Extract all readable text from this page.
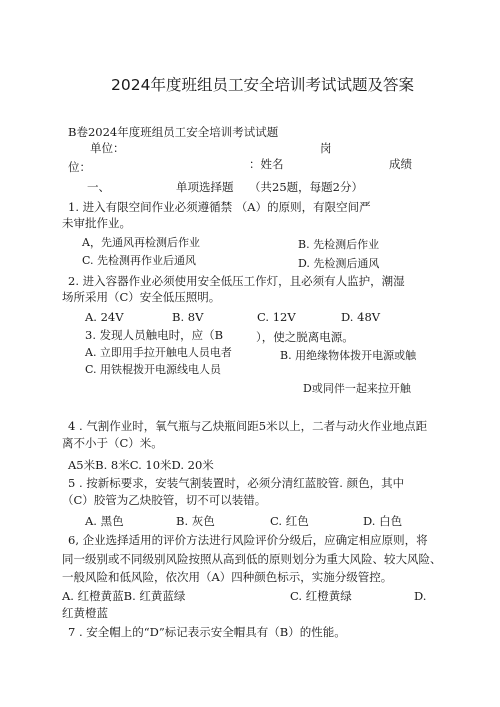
2024年度班组员工安全培训考试试题及答案
B卷2024年度班组员工安全培训考试试题
单位：	岗
位：	：姓名	成绩
一、	单项选择题 （共25题，每题2分）
1. 进入有限空间作业必须遵循禁 （A）的原则，有限空间严
未审批作业。
A，先通风再检测后作业	B. 先检测后作业
C. 先检测再作业后通风	D. 先检测后通风
2. 进入容器作业必须使用安全低压工作灯，且必须有人监护，潮湿
场所采用（C）安全低压照明。
A. 24V	B. 8V	C. 12V	D. 48V
3. 发现人员触电时，应（B	），使之脱离电源。
A. 立即用手拉开触电人员电者	B. 用绝缘物体拨开电源或触
C. 用铁棍拨开电源线电人员
D或同伴一起来拉开触
4 . 气割作业时，氧气瓶与乙炔瓶间距5米以上，二者与动火作业地点距
离不小于（C）米。
A5米B. 8米C. 10米D. 20米
5 . 按新标要求，安装气割装置时，必须分清红蓝胶管. 颜色，其中
（C）胶管为乙炔胶管，切不可以装错。
A. 黑色	B. 灰色	C. 红色	D. 白色
6, 企业选择适用的评价方法进行风险评价分级后，应确定相应原则，将
同一级别或不同级别风险按照从高到低的原则划分为重大风险、较大风险、
一般风险和低风险，依次用（A）四种颜色标示，实施分级管控。
A. 红橙黄蓝B. 红黄蓝绿	C. 红橙黄绿	D.
红黄橙蓝
7 . 安全帽上的“D”标记表示安全帽具有（B）的性能。
